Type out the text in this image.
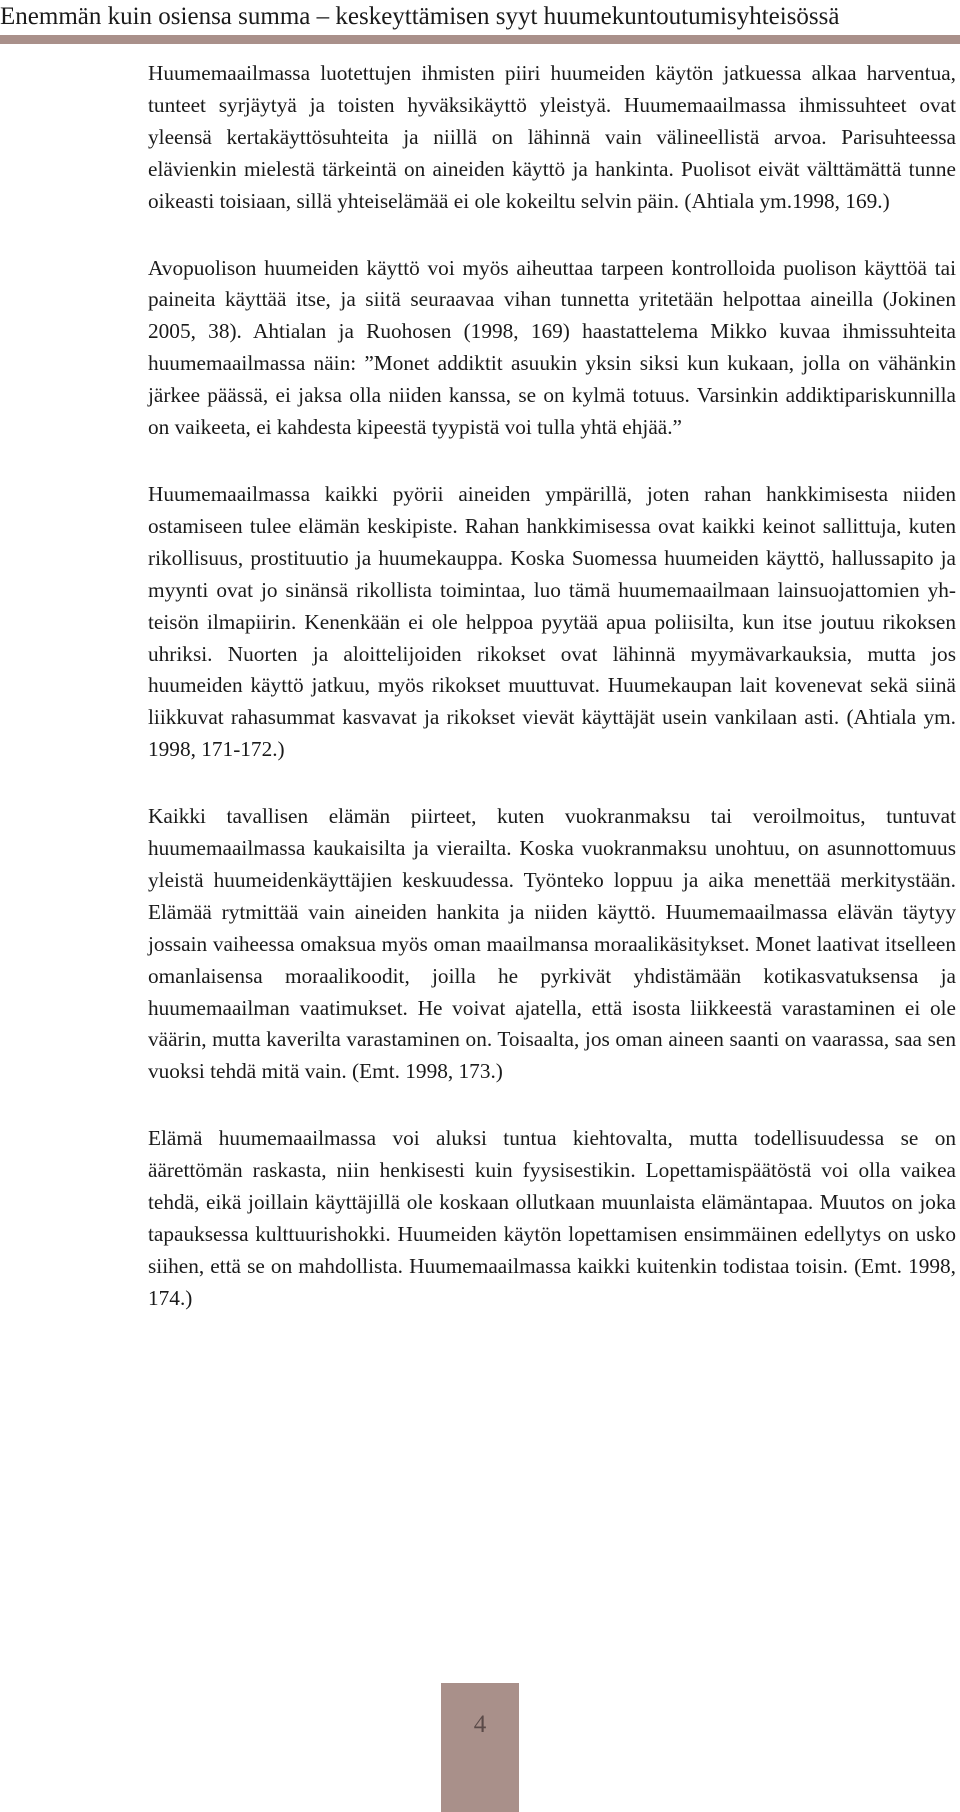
Enemmän kuin osiensa summa – keskeyttämisen syyt huumekuntoutumisyhteisössä

Huumemaailmassa luotettujen ihmisten piiri huumeiden käytön jatkuessa alkaa harventua, tunteet syrjäytyä ja toisten hyväksikäyttö yleistyä. Huumemaailmassa ihmissuhteet ovat yleensä kertakäyttösuhteita ja niillä on lähinnä vain välineellistä arvoa. Parisuhteessa elävienkin mielestä tärkeintä on aineiden käyttö ja hankinta. Puolisot eivät välttämättä tunne oikeasti toisiaan, sillä yhteiselämää ei ole kokeiltu selvin päin. (Ahtiala ym.1998, 169.)

Avopuolison huumeiden käyttö voi myös aiheuttaa tarpeen kontrolloida puolison käyttöä tai paineita käyttää itse, ja siitä seuraavaa vihan tunnetta yritetään helpottaa aineilla (Jokinen 2005, 38). Ahtialan ja Ruohosen (1998, 169) haastattelema Mikko kuvaa ihmissuhteita huumemaailmassa näin: ”Monet addiktit asuukin yksin siksi kun kukaan, jolla on vähänkin järkee päässä, ei jaksa olla niiden kanssa, se on kylmä totuus. Varsinkin addiktipariskunnilla on vaikeeta, ei kahdesta kipeestä tyypistä voi tulla yhtä ehjää.”

Huumemaailmassa kaikki pyörii aineiden ympärillä, joten rahan hankkimisesta niiden ostamiseen tulee elämän keskipiste. Rahan hankkimisessa ovat kaikki keinot sallittuja, kuten rikollisuus, prostituutio ja huumekauppa. Koska Suomessa huumeiden käyttö, hallussapito ja myynti ovat jo sinänsä rikollista toimintaa, luo tämä huumemaailmaan lainsuojattomien yhteisön ilmapiirin. Kenenkään ei ole helppoa pyytää apua poliisilta, kun itse joutuu rikoksen uhriksi. Nuorten ja aloittelijoiden rikokset ovat lähinnä myymävarkauksia, mutta jos huumeiden käyttö jatkuu, myös rikokset muuttuvat. Huumekaupan lait kovenevat sekä siinä liikkuvat rahasummat kasvavat ja rikokset vievät käyttäjät usein vankilaan asti. (Ahtiala ym. 1998, 171-172.)

Kaikki tavallisen elämän piirteet, kuten vuokranmaksu tai veroilmoitus, tuntuvat huumemaailmassa kaukaisilta ja vierailta. Koska vuokranmaksu unohtuu, on asunnottomuus yleistä huumeidenkäyttäjien keskuudessa. Työnteko loppuu ja aika menettää merkitystään. Elämää rytmittää vain aineiden hankita ja niiden käyttö. Huumemaailmassa elävän täytyy jossain vaiheessa omaksua myös oman maailmansa moraalikäsitykset. Monet laativat itselleen omanlaisensa moraalikoodit, joilla he pyrkivät yhdistämään kotikasvatuksensa ja huumemaailman vaatimukset. He voivat ajatella, että isosta liikkeestä varastaminen ei ole väärin, mutta kaverilta varastaminen on. Toisaalta, jos oman aineen saanti on vaarassa, saa sen vuoksi tehdä mitä vain. (Emt. 1998, 173.)

Elämä huumemaailmassa voi aluksi tuntua kiehtovalta, mutta todellisuudessa se on äärettömän raskasta, niin henkisesti kuin fyysisestikin. Lopettamispäätöstä voi olla vaikea tehdä, eikä joillain käyttäjillä ole koskaan ollutkaan muunlaista elämäntapaa. Muutos on joka tapauksessa kulttuurishokki. Huumeiden käytön lopettamisen ensimmäinen edellytys on usko siihen, että se on mahdollista. Huumemaailmassa kaikki kuitenkin todistaa toisin. (Emt. 1998, 174.)

4
